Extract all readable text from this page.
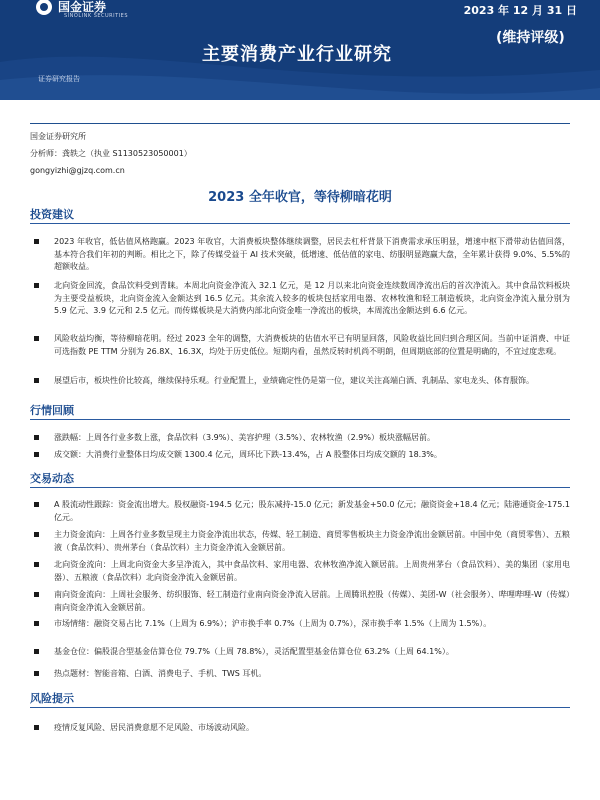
国金证券
SINOLINK SECURITIES	2023 年 12 月 31 日
主要消费产业行业研究
(维持评级)
证券研究报告
国金证券研究所
分析师：龚轶之（执业 S1130523050001）
gongyizhi@gjzq.com.cn
2023 全年收官，等待柳暗花明
投资建议
2023 年收官，低估值风格跑赢。2023 年收官，大消费板块整体继续调整，居民去杠杆背景下消费需求承压明显，增速中枢下滑带动估值回落，基本符合我们年初的判断。相比之下，除了传媒受益于 AI 技术突破，低增速、低估值的家电、纺服明显跑赢大盘，全年累计获得 9.0%、5.5%的超额收益。
北向资金回流，食品饮料受到青睐。本周北向资金净流入 32.1 亿元，是 12 月以来北向资金连续数周净流出后的首次净流入。其中食品饮料板块为主要受益板块，北向资金流入金额达到 16.5 亿元。其余流入较多的板块包括家用电器、农林牧渔和轻工制造板块，北向资金净流入量分别为 5.9 亿元、3.9 亿元和 2.5 亿元。而传媒板块是大消费内部北向资金唯一净流出的板块，本周流出金额达到 6.6 亿元。
风险收益均衡，等待柳暗花明。经过 2023 全年的调整，大消费板块的估值水平已有明显回落，风险收益比回归到合理区间。当前中证消费、中证可选指数 PE TTM 分别为 26.8X、16.3X，均处于历史低位。短期内看，虽然反转时机尚不明朗，但周期底部的位置是明确的，不宜过度悲观。
展望后市，板块性价比较高，继续保持乐观。行业配置上，业绩确定性仍是第一位，建议关注高端白酒、乳制品、家电龙头、体育服饰。
行情回顾
涨跌幅：上周各行业多数上涨，食品饮料（3.9%）、美容护理（3.5%）、农林牧渔（2.9%）板块涨幅居前。
成交额：大消费行业整体日均成交额 1300.4 亿元，周环比下跌-13.4%，占 A 股整体日均成交额的 18.3%。
交易动态
A 股流动性跟踪：资金流出增大。股权融资-194.5 亿元；股东减持-15.0 亿元；新发基金+50.0 亿元；融资资金+18.4 亿元；陆港通资金-175.1 亿元。
主力资金流向：上周各行业多数呈现主力资金净流出状态，传媒、轻工制造、商贸零售板块主力资金净流出金额居前。中国中免（商贸零售）、五粮液（食品饮料）、贵州茅台（食品饮料）主力资金净流入金额居前。
北向资金流向：上周北向资金大多呈净流入，其中食品饮料、家用电器、农林牧渔净流入额居前。上周贵州茅台（食品饮料）、美的集团（家用电器）、五粮液（食品饮料）北向资金净流入金额居前。
南向资金流向：上周社会服务、纺织服饰、轻工制造行业南向资金净流入居前。上周腾讯控股（传媒）、美团-W（社会服务）、哔哩哔哩-W（传媒）南向资金净流入金额居前。
市场情绪：融资交易占比 7.1%（上周为 6.9%）；沪市换手率 0.7%（上周为 0.7%），深市换手率 1.5%（上周为 1.5%）。
基金仓位：偏股混合型基金估算仓位 79.7%（上周 78.8%），灵活配置型基金估算仓位 63.2%（上周 64.1%）。
热点题材：智能音箱、白酒、消费电子、手机、TWS 耳机。
风险提示
疫情反复风险、居民消费意愿不足风险、市场波动风险。
